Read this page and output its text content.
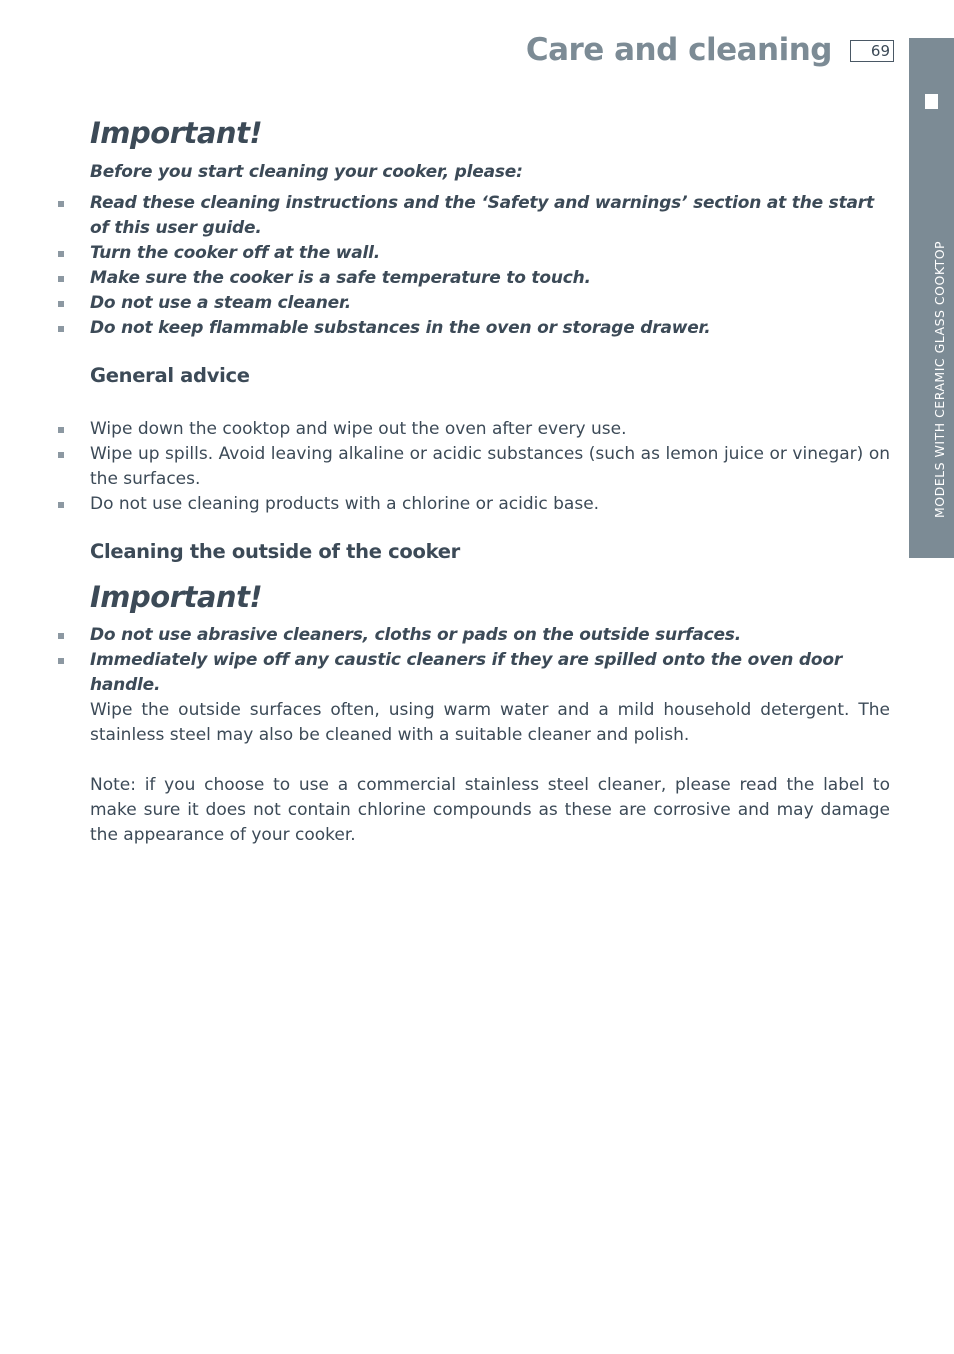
Care and cleaning	69
MODELS WITH CERAMIC GLASS COOKTOP
Important!
Before you start cleaning your cooker, please:
Read these cleaning instructions and the ‘Safety and warnings’ section at the start of this user guide.
Turn the cooker off at the wall.
Make sure the cooker is a safe temperature to touch.
Do not use a steam cleaner.
Do not keep flammable substances in the oven or storage drawer.
General advice
Wipe down the cooktop and wipe out the oven after every use.
Wipe up spills. Avoid leaving alkaline or acidic substances (such as lemon juice or vinegar) on the surfaces.
Do not use cleaning products with a chlorine or acidic base.
Cleaning the outside of the cooker
Important!
Do not use abrasive cleaners, cloths or pads on the outside surfaces.
Immediately wipe off any caustic cleaners if they are spilled onto the oven door handle.
Wipe the outside surfaces often, using warm water and a mild household detergent. The stainless steel may also be cleaned with a suitable cleaner and polish.
Note: if you choose to use a commercial stainless steel cleaner, please read the label to make sure it does not contain chlorine compounds as these are corrosive and may damage the appearance of your cooker.
